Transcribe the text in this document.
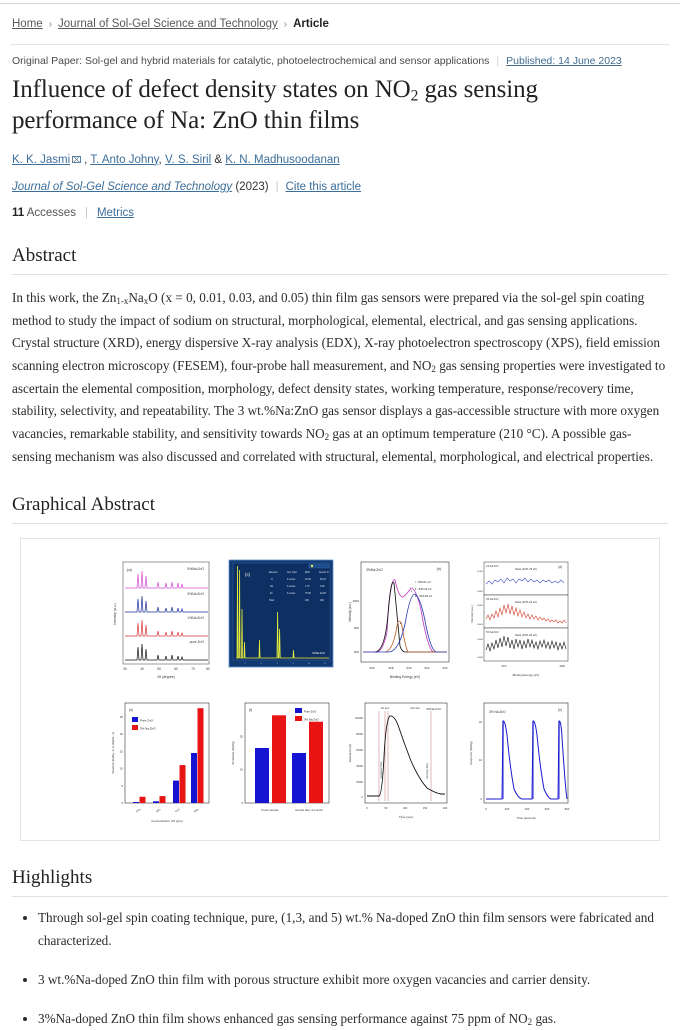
Home › Journal of Sol-Gel Science and Technology › Article
Original Paper: Sol-gel and hybrid materials for catalytic, photoelectrochemical and sensor applications | Published: 14 June 2023
Influence of defect density states on $NO_2$ gas sensing performance of Na: ZnO thin films
K. K. Jasmi , T. Anto Johny, V. S. Siril & K. N. Madhusoodanan
Journal of Sol-Gel Science and Technology (2023) | Cite this article
11 Accesses | Metrics
Abstract

In this work, the $Zn_{1-x}Na_xO$ (x = 0, 0.01, 0.03, and 0.05) thin film gas sensors were prepared via the sol-gel spin coating method to study the impact of sodium on structural, morphological, elemental, electrical, and gas sensing applications. Crystal structure (XRD), energy dispersive X-ray analysis (EDX), X-ray photoelectron spectroscopy (XPS), field emission scanning electron microscopy (FESEM), four-probe hall measurement, and $NO_2$ gas sensing properties were investigated to ascertain the elemental composition, morphology, defect density states, working temperature, response/recovery time, stability, selectivity, and repeatability. The 3 wt.%Na:ZnO gas sensor displays a gas-accessible structure with more oxygen vacancies, remarkable stability, and sensitivity towards $NO_2$ gas at an optimum temperature (210 °C). A possible gas-sensing mechanism was also discussed and correlated with structural, elemental, morphological, and electrical properties.

Graphical Abstract
(a)	5%Na:ZnO
3%Na:ZnO
1%Na:ZnO
pure ZnO
30	40	50	60	70	80
2θ (degree)
Intensity (a.u.)
(c)	Element	Line Type	Wt%	Atomic %
O	K series	22.65	54.12
Na	K series	1.75	3.05
Zn	K series	75.60	42.83
Total	100	100
3%Na:ZnO
2	4	6	8	10	12
(b)
3%Na:ZnO
i - 529.61 eV
ii - 530.16 eV
iii - 531.45 eV
i	ii
iii
600
800
1000
526	528	530	532	534
Binding Energy (eV)
Intensity (a.u.)
(d)
1% Na:ZnO
3% Na:ZnO
5% Na:ZnO
Na1s (1071.79 eV)
Na1s (1071.22 eV)
Na1s (1071.02 eV)
11000
10000
10500
10000
10500
10000
1074	1068
Binding Energy (eV)
Intensity (a.u.)
(e)
Pure ZnO
3% Na:ZnO
0
5
10
15
20
25
CO₂	NH₃	H₂S	NO₂
Concentration (75 ppm)
Sensitivity (Ra/Rg −1) or (Rg/Ra −1)
(f)	Pure ZnO
3% Na:ZnO
0
10
20
Fresh sample	sample after 3 months
Sensitivity (Ra/Rg)
3%Na:ZnO
10 sec	112 sec
Response Time	Recovery Time
0
20000
40000
60000
80000
100000
0	50	100	150	200
Time (sec)
Resistance (Ω)
(h)
3% Na:ZnO
0
10
20
0	200	400	600	800
Time (second)
Response (Ra/Rg)
Highlights
• Through sol-gel spin coating technique, pure, (1,3, and 5) wt.% Na-doped ZnO thin film sensors were fabricated and characterized.
• 3 wt.%Na-doped ZnO thin film with porous structure exhibit more oxygen vacancies and carrier density.
• 3%Na-doped ZnO thin film shows enhanced gas sensing performance against 75 ppm of $NO_2$ gas.
